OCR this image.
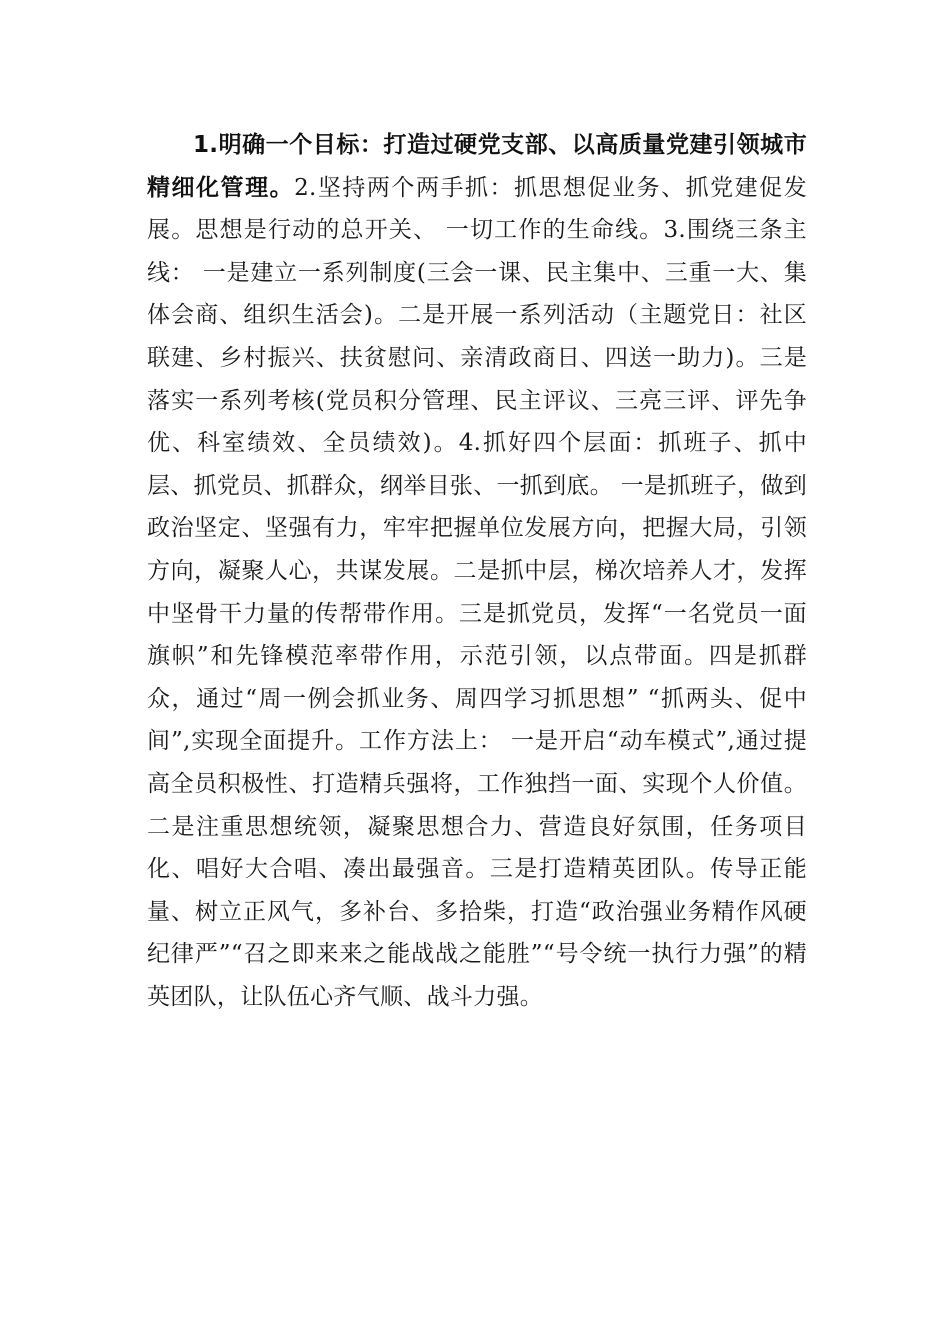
1.明确一个目标：打造过硬党支部、以高质量党建引领城市精细化管理。2.坚持两个两手抓：抓思想促业务、抓党建促发展。思想是行动的总开关、 一切工作的生命线。3.围绕三条主线： 一是建立一系列制度(三会一课、民主集中、三重一大、集体会商、组织生活会)。二是开展一系列活动（主题党日：社区联建、乡村振兴、扶贫慰问、亲清政商日、四送一助力)。三是落实一系列考核(党员积分管理、民主评议、三亮三评、评先争优、科室绩效、全员绩效)。4.抓好四个层面：抓班子、抓中层、抓党员、抓群众，纲举目张、一抓到底。 一是抓班子，做到政治坚定、坚强有力，牢牢把握单位发展方向，把握大局，引领方向，凝聚人心，共谋发展。二是抓中层，梯次培养人才，发挥中坚骨干力量的传帮带作用。三是抓党员，发挥“一名党员一面旗帜”和先锋模范率带作用，示范引领，以点带面。四是抓群众，通过“周一例会抓业务、周四学习抓思想” “抓两头、促中间”,实现全面提升。工作方法上： 一是开启“动车模式”,通过提高全员积极性、打造精兵强将，工作独挡一面、实现个人价值。二是注重思想统领，凝聚思想合力、营造良好氛围，任务项目化、唱好大合唱、凑出最强音。三是打造精英团队。传导正能量、树立正风气，多补台、多拾柴，打造“政治强业务精作风硬纪律严”“召之即来来之能战战之能胜”“号令统一执行力强”的精英团队，让队伍心齐气顺、战斗力强。
